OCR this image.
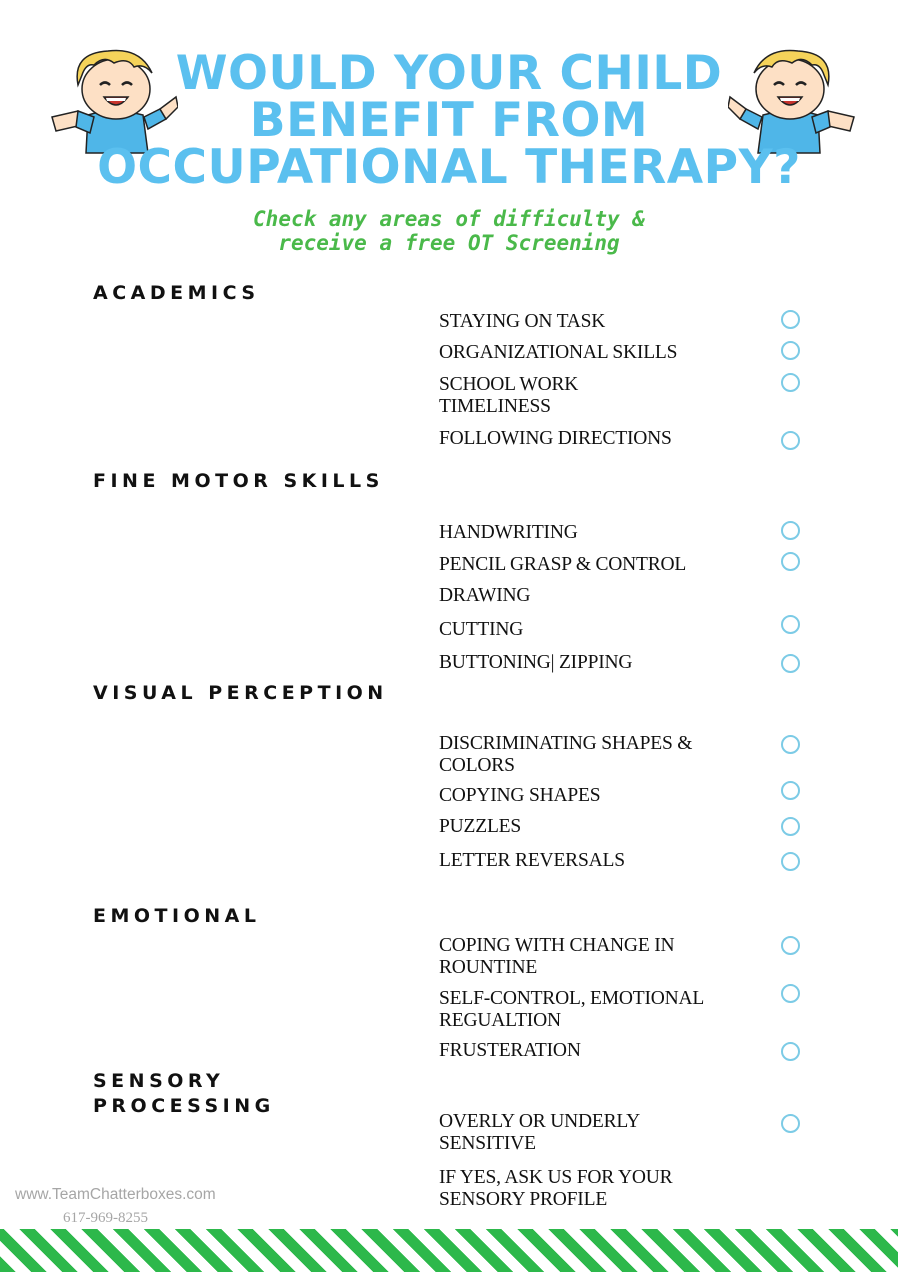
WOULD YOUR CHILD
BENEFIT FROM
OCCUPATIONAL THERAPY?
Check any areas of difficulty &
receive a free OT Screening
ACADEMICS
STAYING ON TASK
ORGANIZATIONAL SKILLS
SCHOOL WORK TIMELINESS
FOLLOWING DIRECTIONS
FINE MOTOR SKILLS
HANDWRITING
PENCIL GRASP & CONTROL
DRAWING
CUTTING
BUTTONING| ZIPPING
VISUAL PERCEPTION
DISCRIMINATING SHAPES & COLORS
COPYING SHAPES
PUZZLES
LETTER REVERSALS
EMOTIONAL
COPING WITH CHANGE IN ROUNTINE
SELF-CONTROL, EMOTIONAL REGUALTION
FRUSTERATION
SENSORY PROCESSING
OVERLY OR UNDERLY SENSITIVE
IF YES, ASK US FOR YOUR SENSORY PROFILE
www.TeamChatterboxes.com
617-969-8255
